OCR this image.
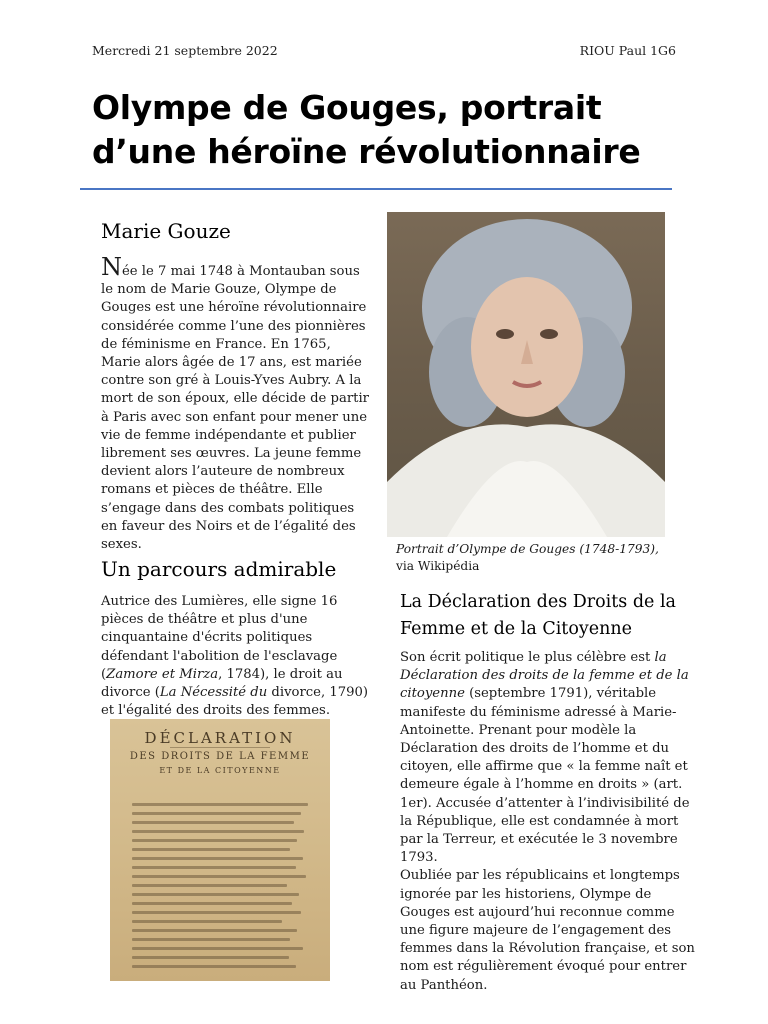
Mercredi 21 septembre 2022	RIOU Paul 1G6
Olympe de Gouges, portrait d’une héroïne révolutionnaire
Marie Gouze

Née le 7 mai 1748 à Montauban sous le nom de Marie Gouze, Olympe de Gouges est une héroïne révolutionnaire considérée comme l’une des pionnières de féminisme en France. En 1765, Marie alors âgée de 17 ans, est mariée contre son gré à Louis-Yves Aubry. A la mort de son époux, elle décide de partir à Paris avec son enfant pour mener une vie de femme indépendante et publier librement ses œuvres. La jeune femme devient alors l’auteure de nombreux romans et pièces de théâtre. Elle s’engage dans des combats politiques en faveur des Noirs et de l’égalité des sexes.	Portrait d’Olympe de Gouges (1748-1793),
via Wikipédia
Un parcours admirable

Autrice des Lumières, elle signe 16 pièces de théâtre et plus d'une cinquantaine d'écrits politiques défendant l'abolition de l'esclavage (Zamore et Mirza, 1784), le droit au divorce (La Nécessité du divorce, 1790) et l'égalité des droits des femmes.

DÉCLARATION
DES DROITS DE LA FEMME
ET DE LA CITOYENNE
La Déclaration des Droits de la Femme et de la Citoyenne
Son écrit politique le plus célèbre est la Déclaration des droits de la femme et de la citoyenne (septembre 1791), véritable manifeste du féminisme adressé à Marie-Antoinette. Prenant pour modèle la Déclaration des droits de l’homme et du citoyen, elle affirme que « la femme naît et demeure égale à l’homme en droits » (art. 1er). Accusée d’attenter à l’indivisibilité de la République, elle est condamnée à mort par la Terreur, et exécutée le 3 novembre 1793.
Oubliée par les républicains et longtemps ignorée par les historiens, Olympe de Gouges est aujourd’hui reconnue comme une figure majeure de l’engagement des femmes dans la Révolution française, et son nom est régulièrement évoqué pour entrer au Panthéon.
